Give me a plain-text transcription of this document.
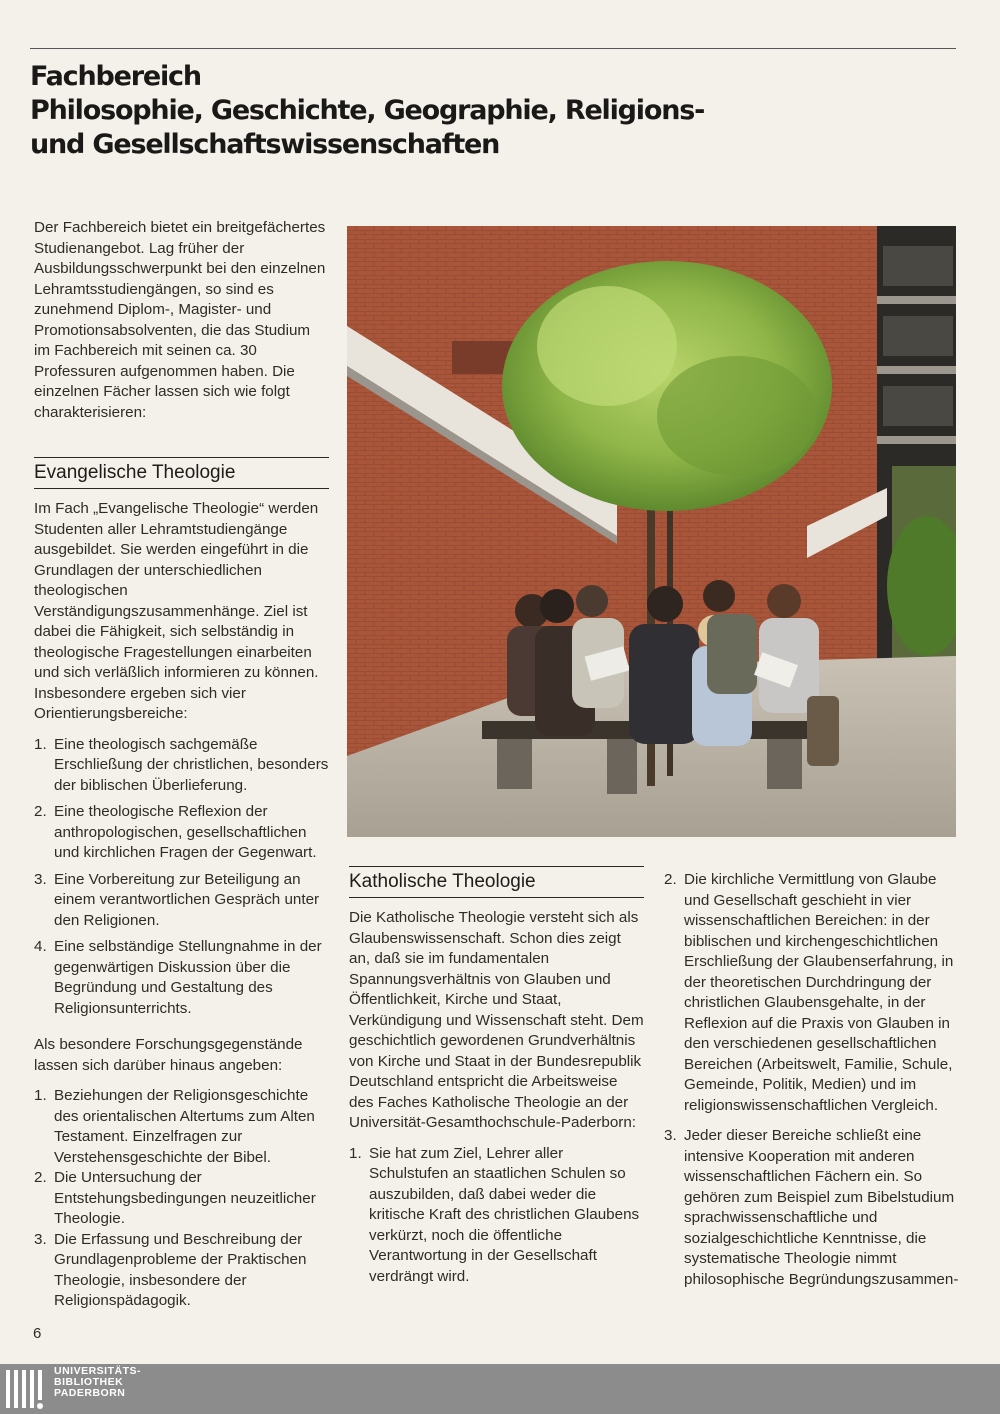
Fachbereich
Philosophie, Geschichte, Geographie, Religions-
und Gesellschaftswissenschaften

Der Fachbereich bietet ein breitgefächertes Studienangebot. Lag früher der Ausbildungsschwerpunkt bei den einzelnen Lehramtsstudiengängen, so sind es zunehmend Diplom-, Magister- und Promotionsabsolventen, die das Studium im Fachbereich mit seinen ca. 30 Professuren aufgenommen haben. Die einzelnen Fächer lassen sich wie folgt charakterisieren:

Evangelische Theologie

Im Fach „Evangelische Theologie“ werden Studenten aller Lehramtstudiengänge ausgebildet. Sie werden eingeführt in die Grundlagen der unterschiedlichen theologischen Verständigungszusammenhänge. Ziel ist dabei die Fähigkeit, sich selbständig in theologische Fragestellungen einarbeiten und sich verläßlich informieren zu können. Insbesondere ergeben sich vier Orientierungsbereiche:

1. Eine theologisch sachgemäße Erschließung der christlichen, besonders der biblischen Überlieferung.
2. Eine theologische Reflexion der anthropologischen, gesellschaftlichen und kirchlichen Fragen der Gegenwart.
3. Eine Vorbereitung zur Beteiligung an einem verantwortlichen Gespräch unter den Religionen.
4. Eine selbständige Stellungnahme in der gegenwärtigen Diskussion über die Begründung und Gestaltung des Religionsunterrichts.

Als besondere Forschungsgegenstände lassen sich darüber hinaus angeben:

1. Beziehungen der Religionsgeschichte des orientalischen Altertums zum Alten Testament. Einzelfragen zur Verstehensgeschichte der Bibel.
2. Die Untersuchung der Entstehungsbedingungen neuzeitlicher Theologie.
3. Die Erfassung und Beschreibung der Grundlagenprobleme der Praktischen Theologie, insbesondere der Religionspädagogik.
Katholische Theologie

Die Katholische Theologie versteht sich als Glaubenswissenschaft. Schon dies zeigt an, daß sie im fundamentalen Spannungsverhältnis von Glauben und Öffentlichkeit, Kirche und Staat, Verkündigung und Wissenschaft steht. Dem geschichtlich gewordenen Grundverhältnis von Kirche und Staat in der Bundesrepublik Deutschland entspricht die Arbeitsweise des Faches Katholische Theologie an der Universität-Gesamthochschule-Paderborn:

1. Sie hat zum Ziel, Lehrer aller Schulstufen an staatlichen Schulen so auszubilden, daß dabei weder die kritische Kraft des christlichen Glaubens verkürzt, noch die öffentliche Verantwortung in der Gesellschaft verdrängt wird.
2. Die kirchliche Vermittlung von Glaube und Gesellschaft geschieht in vier wissenschaftlichen Bereichen: in der biblischen und kirchengeschichtlichen Erschließung der Glaubenserfahrung, in der theoretischen Durchdringung der christlichen Glaubensgehalte, in der Reflexion auf die Praxis von Glauben in den verschiedenen gesellschaftlichen Bereichen (Arbeitswelt, Familie, Schule, Gemeinde, Politik, Medien) und im religionswissenschaftlichen Vergleich.
3. Jeder dieser Bereiche schließt eine intensive Kooperation mit anderen wissenschaftlichen Fächern ein. So gehören zum Beispiel zum Bibelstudium sprachwissenschaftliche und sozialgeschichtliche Kenntnisse, die systematische Theologie nimmt philosophische Begründungszusammen-
6
UNIVERSITÄTS-
BIBLIOTHEK
PADERBORN
